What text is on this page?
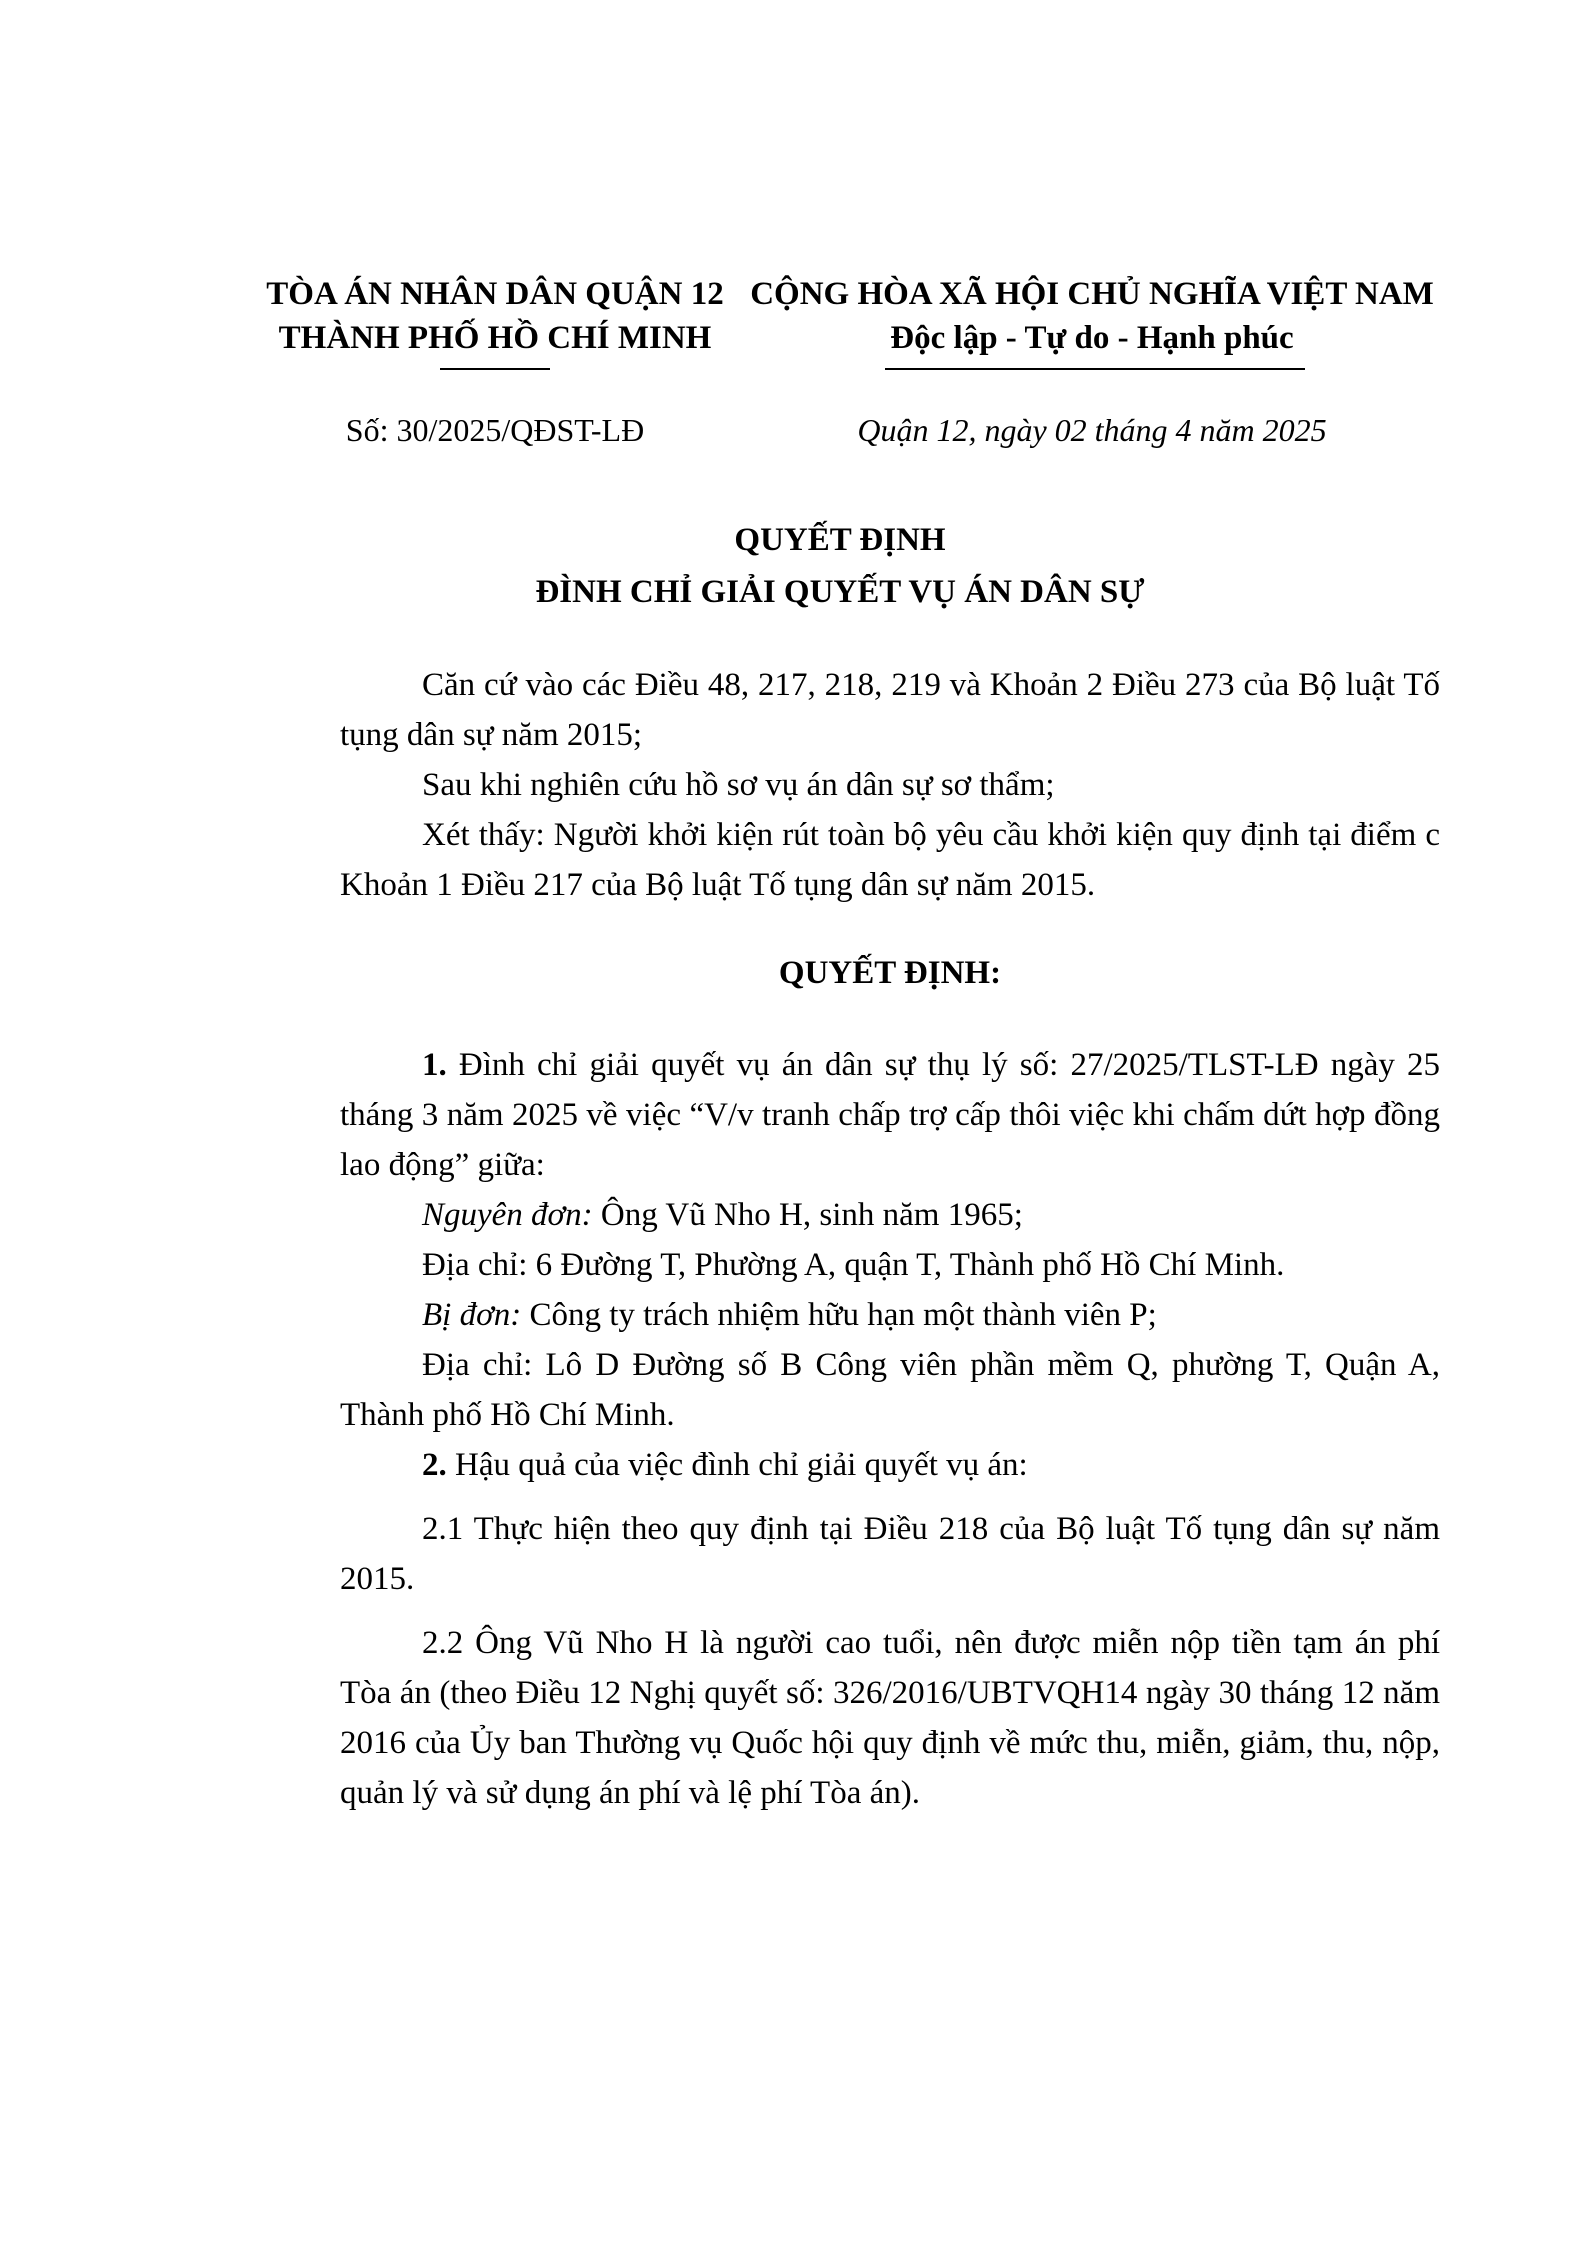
TÒA ÁN NHÂN DÂN QUẬN 12
THÀNH PHỐ HỒ CHÍ MINH
CỘNG HÒA XÃ HỘI CHỦ NGHĨA VIỆT NAM
Độc lập - Tự do - Hạnh phúc
Số: 30/2025/QĐST-LĐ	Quận 12, ngày 02 tháng 4 năm 2025
QUYẾT ĐỊNH
ĐÌNH CHỈ GIẢI QUYẾT VỤ ÁN DÂN SỰ

Căn cứ vào các Điều 48, 217, 218, 219 và Khoản 2 Điều 273 của Bộ luật Tố tụng dân sự năm 2015;

Sau khi nghiên cứu hồ sơ vụ án dân sự sơ thẩm;

Xét thấy: Người khởi kiện rút toàn bộ yêu cầu khởi kiện quy định tại điểm c Khoản 1 Điều 217 của Bộ luật Tố tụng dân sự năm 2015.

QUYẾT ĐỊNH:

1. Đình chỉ giải quyết vụ án dân sự thụ lý số: 27/2025/TLST-LĐ ngày 25 tháng 3 năm 2025 về việc “V/v tranh chấp trợ cấp thôi việc khi chấm dứt hợp đồng lao động” giữa:

Nguyên đơn: Ông Vũ Nho H, sinh năm 1965;

Địa chỉ: 6 Đường T, Phường A, quận T, Thành phố Hồ Chí Minh.

Bị đơn: Công ty trách nhiệm hữu hạn một thành viên P;

Địa chỉ: Lô D Đường số B Công viên phần mềm Q, phường T, Quận A, Thành phố Hồ Chí Minh.

2. Hậu quả của việc đình chỉ giải quyết vụ án:

2.1 Thực hiện theo quy định tại Điều 218 của Bộ luật Tố tụng dân sự năm 2015.

2.2 Ông Vũ Nho H là người cao tuổi, nên được miễn nộp tiền tạm án phí Tòa án (theo Điều 12 Nghị quyết số: 326/2016/UBTVQH14 ngày 30 tháng 12 năm 2016 của Ủy ban Thường vụ Quốc hội quy định về mức thu, miễn, giảm, thu, nộp, quản lý và sử dụng án phí và lệ phí Tòa án).
